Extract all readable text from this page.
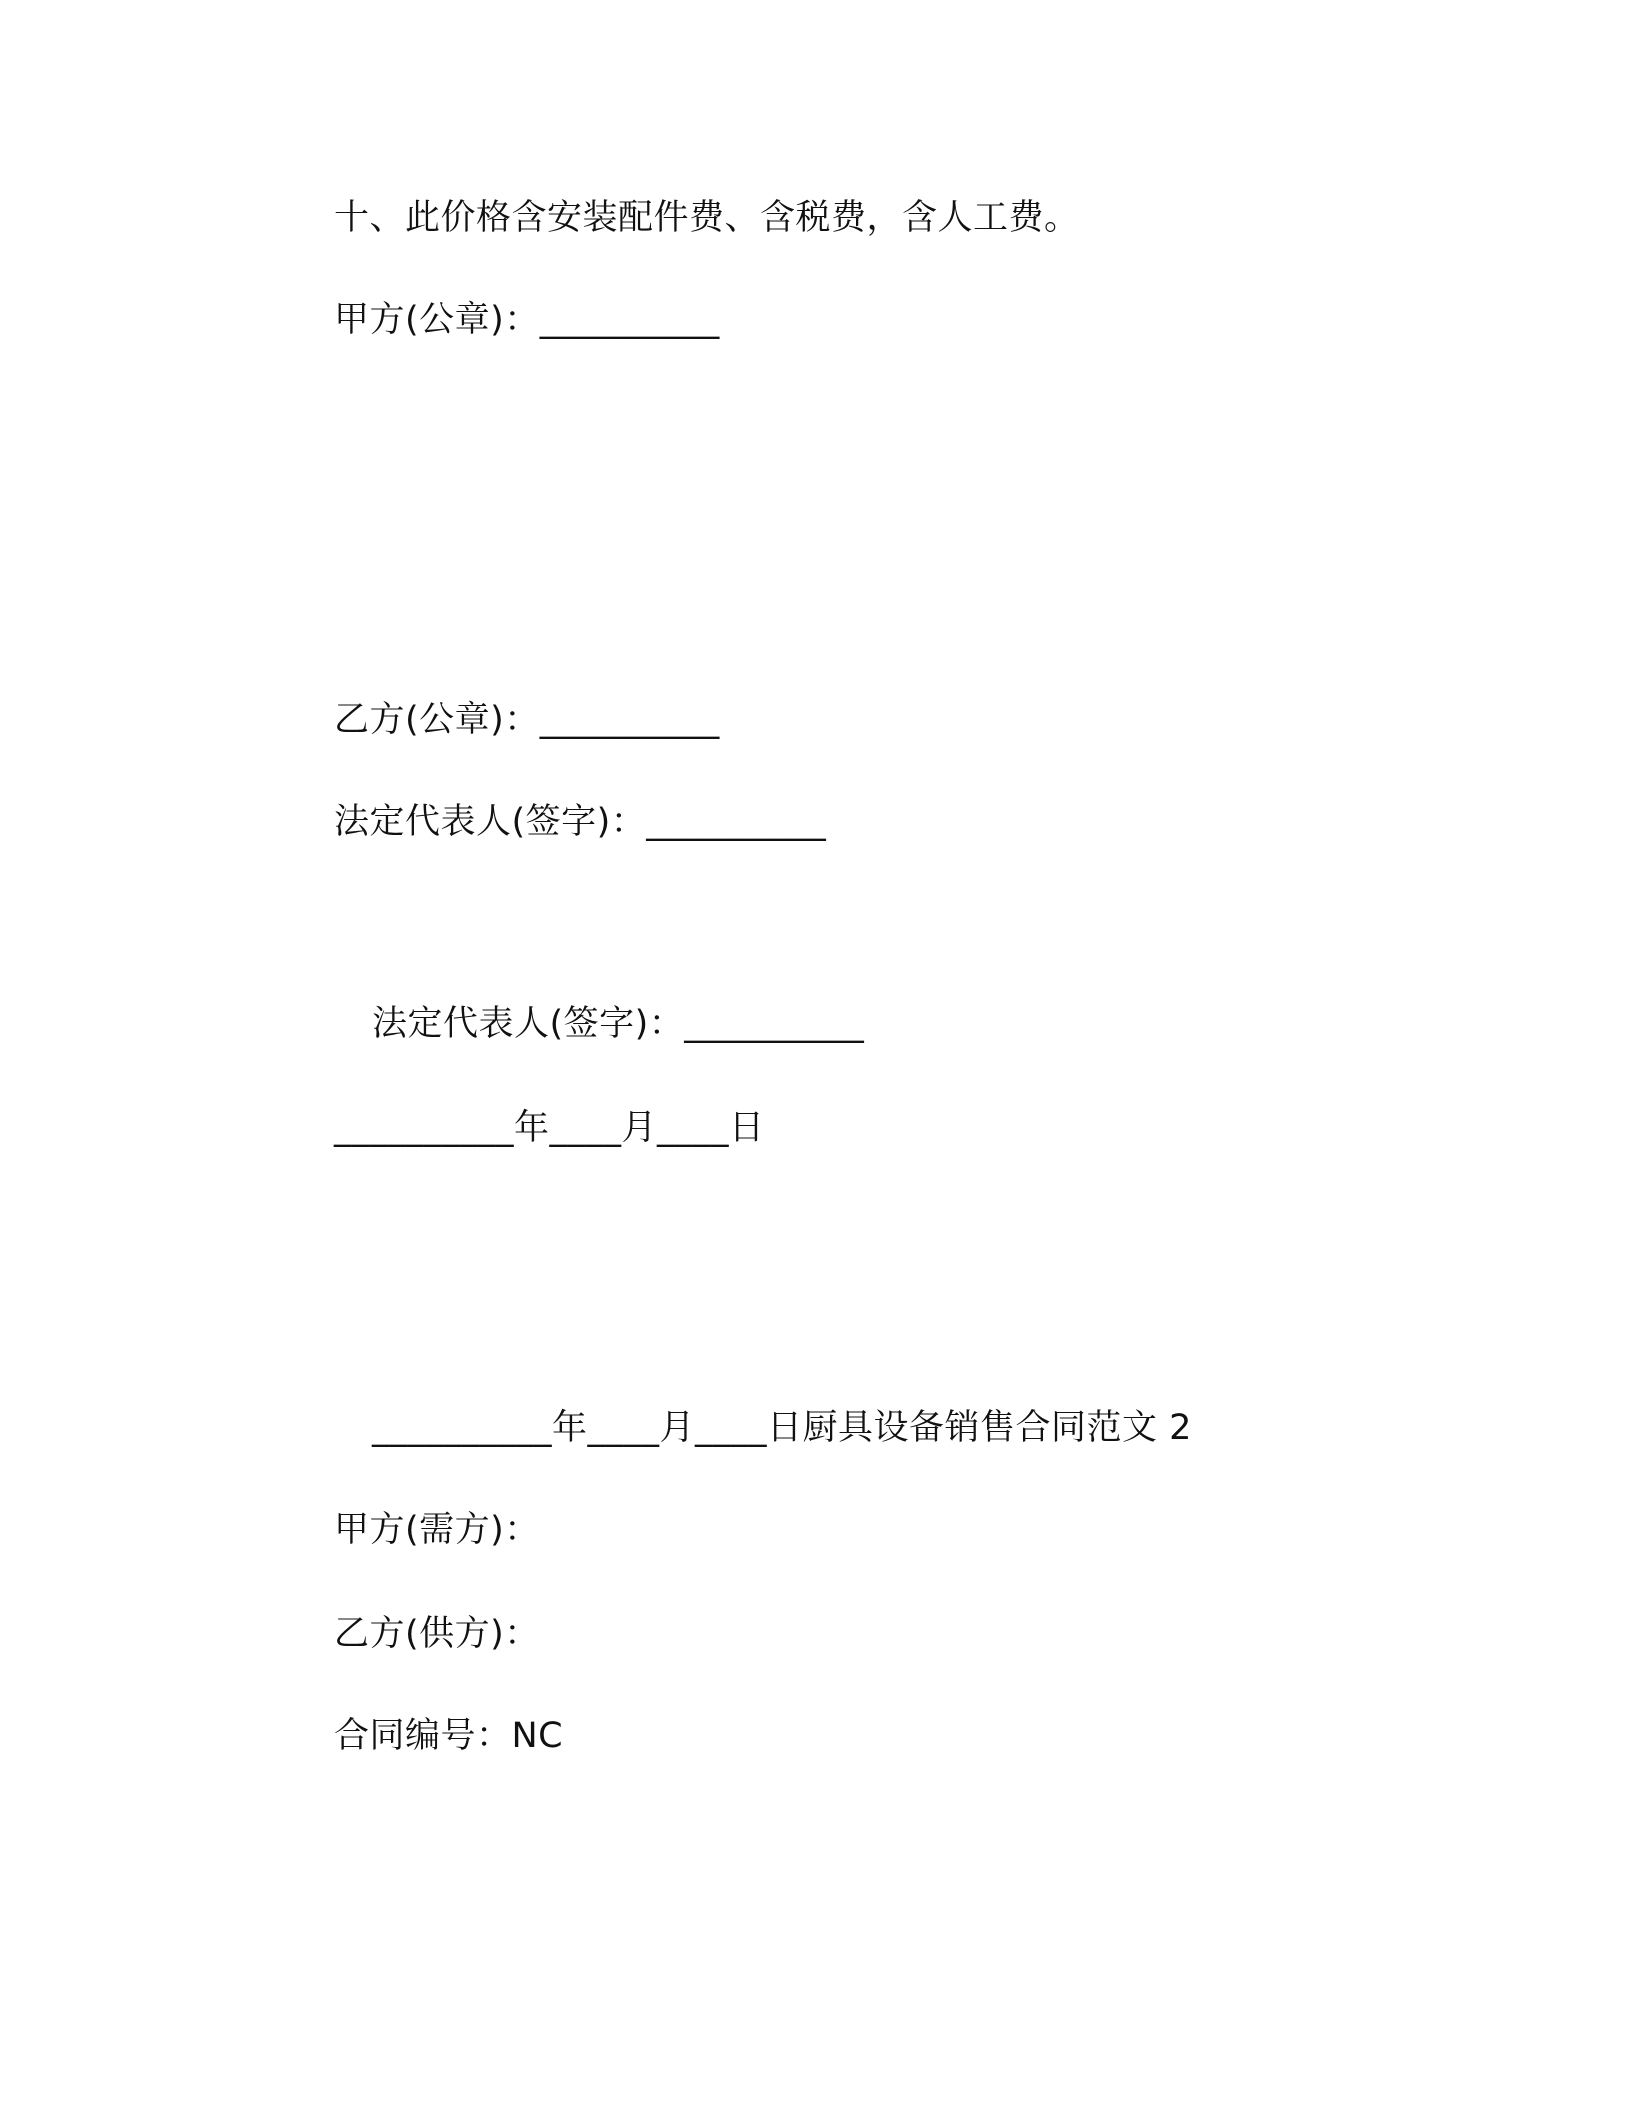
十、此价格含安装配件费、含税费，含人工费。
甲方(公章)：__________
乙方(公章)：__________
法定代表人(签字)：__________
法定代表人(签字)：__________
__________年____月____日
__________年____月____日厨具设备销售合同范文 2
甲方(需方)：
乙方(供方)：
合同编号：NC
